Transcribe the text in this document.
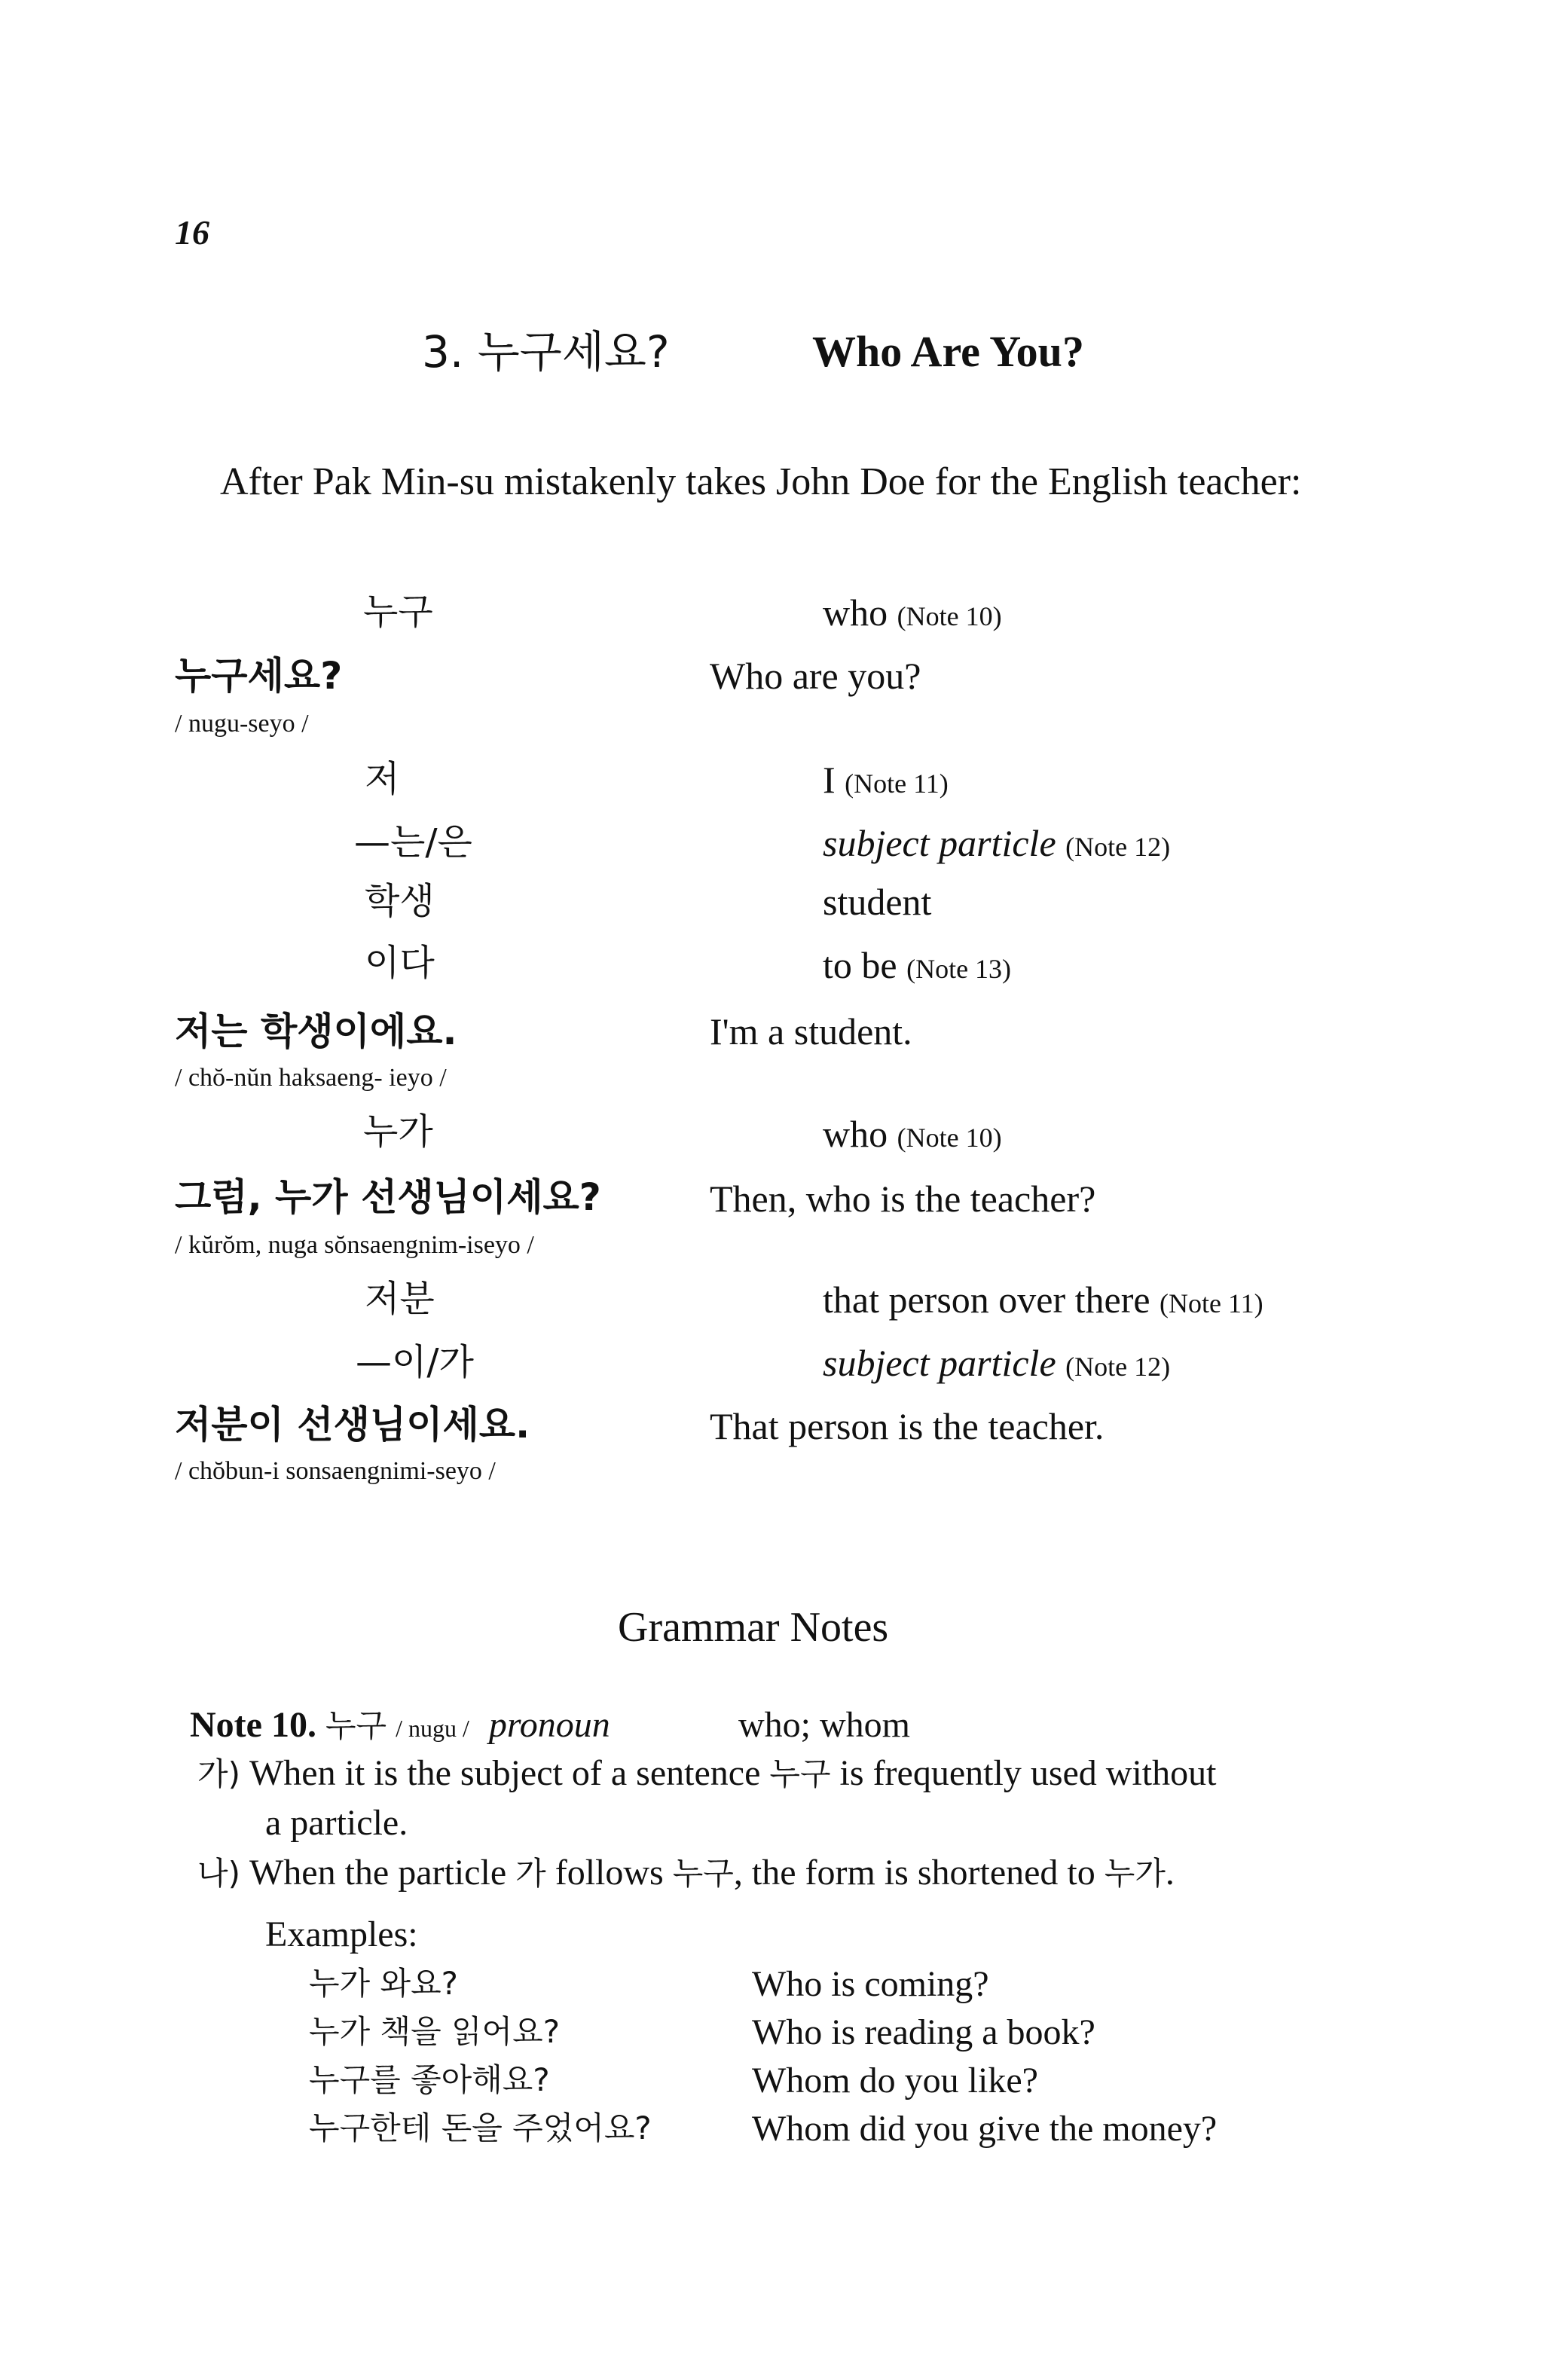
16
3. 누구세요?	Who Are You?
After Pak Min-su mistakenly takes John Doe for the English teacher:
누구	who (Note 10)
누구세요?	Who are you?
/ nugu-seyo /
저	I (Note 11)
—는/은	subject particle (Note 12)
학생	student
이다	to be (Note 13)
저는 학생이에요.	I'm a student.
/ chŏ-nŭn haksaeng- ieyo /
누가	who (Note 10)
그럼, 누가 선생님이세요?	Then, who is the teacher?
/ kŭrŏm, nuga sŏnsaengnim-iseyo /
저분	that person over there (Note 11)
—이/가	subject particle (Note 12)
저분이 선생님이세요.	That person is the teacher.
/ chŏbun-i sonsaengnimi-seyo /
Grammar Notes
Note 10. 누구 / nugu / pronoun	who; whom
가) When it is the subject of a sentence 누구 is frequently used without
a particle.
나) When the particle 가 follows 누구, the form is shortened to 누가.
Examples:
누가 와요?	Who is coming?
누가 책을 읽어요?	Who is reading a book?
누구를 좋아해요?	Whom do you like?
누구한테 돈을 주었어요?	Whom did you give the money?
